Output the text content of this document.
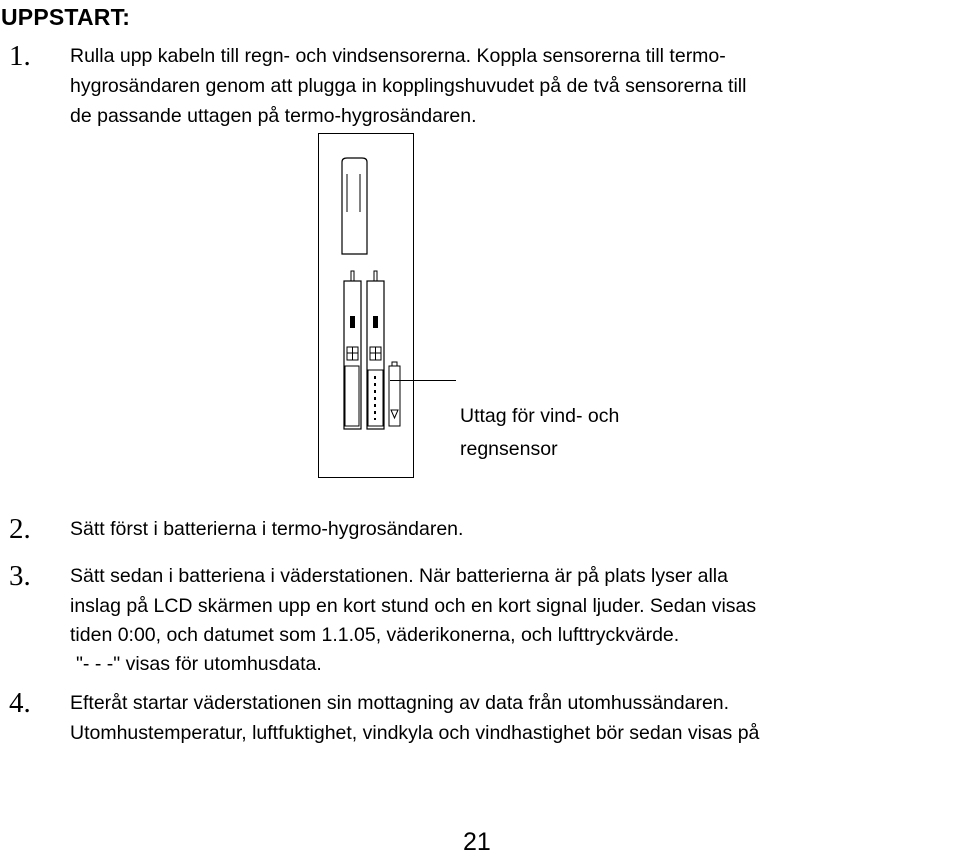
UPPSTART:
1. Rulla upp kabeln till regn- och vindsensorerna. Koppla sensorerna till termo-
hygrosändaren genom att plugga in kopplingshuvudet på de två sensorerna till
de passande uttagen på termo-hygrosändaren.
Uttag för vind- och
regnsensor
2. Sätt först i batterierna i termo-hygrosändaren.
3. Sätt sedan i batteriena i väderstationen. När batterierna är på plats lyser alla
inslag på LCD skärmen upp en kort stund och en kort signal ljuder. Sedan visas
tiden 0:00, och datumet som 1.1.05, väderikonerna, och lufttryckvärde.
"- - -" visas för utomhusdata.
4. Efteråt startar väderstationen sin mottagning av data från utomhussändaren.
Utomhustemperatur, luftfuktighet, vindkyla och vindhastighet bör sedan visas på
21
